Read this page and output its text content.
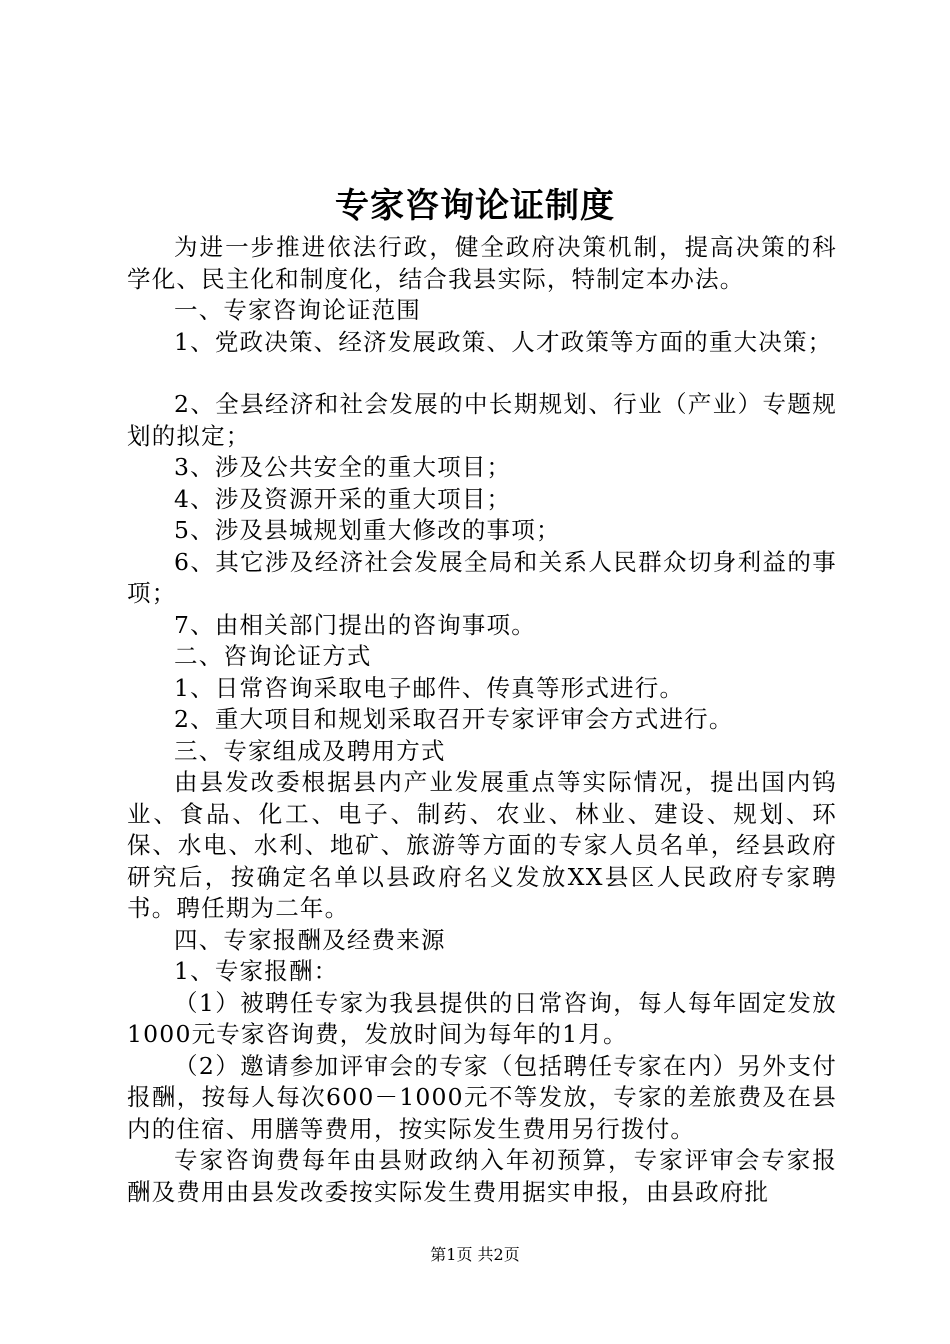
专家咨询论证制度

为进一步推进依法行政，健全政府决策机制，提高决策的科学化、民主化和制度化，结合我县实际，特制定本办法。

一、专家咨询论证范围

1、党政决策、经济发展政策、人才政策等方面的重大决策；

2、全县经济和社会发展的中长期规划、行业（产业）专题规划的拟定；

3、涉及公共安全的重大项目；

4、涉及资源开采的重大项目；

5、涉及县城规划重大修改的事项；

6、其它涉及经济社会发展全局和关系人民群众切身利益的事项；

7、由相关部门提出的咨询事项。

二、咨询论证方式

1、日常咨询采取电子邮件、传真等形式进行。

2、重大项目和规划采取召开专家评审会方式进行。

三、专家组成及聘用方式

由县发改委根据县内产业发展重点等实际情况，提出国内钨业、食品、化工、电子、制药、农业、林业、建设、规划、环保、水电、水利、地矿、旅游等方面的专家人员名单，经县政府研究后，按确定名单以县政府名义发放XX县区人民政府专家聘书。聘任期为二年。

四、专家报酬及经费来源

1、专家报酬：

（1）被聘任专家为我县提供的日常咨询，每人每年固定发放1000元专家咨询费，发放时间为每年的1月。

（2）邀请参加评审会的专家（包括聘任专家在内）另外支付报酬，按每人每次600－1000元不等发放，专家的差旅费及在县内的住宿、用膳等费用，按实际发生费用另行拨付。

专家咨询费每年由县财政纳入年初预算，专家评审会专家报酬及费用由县发改委按实际发生费用据实申报，由县政府批

第1页 共2页
